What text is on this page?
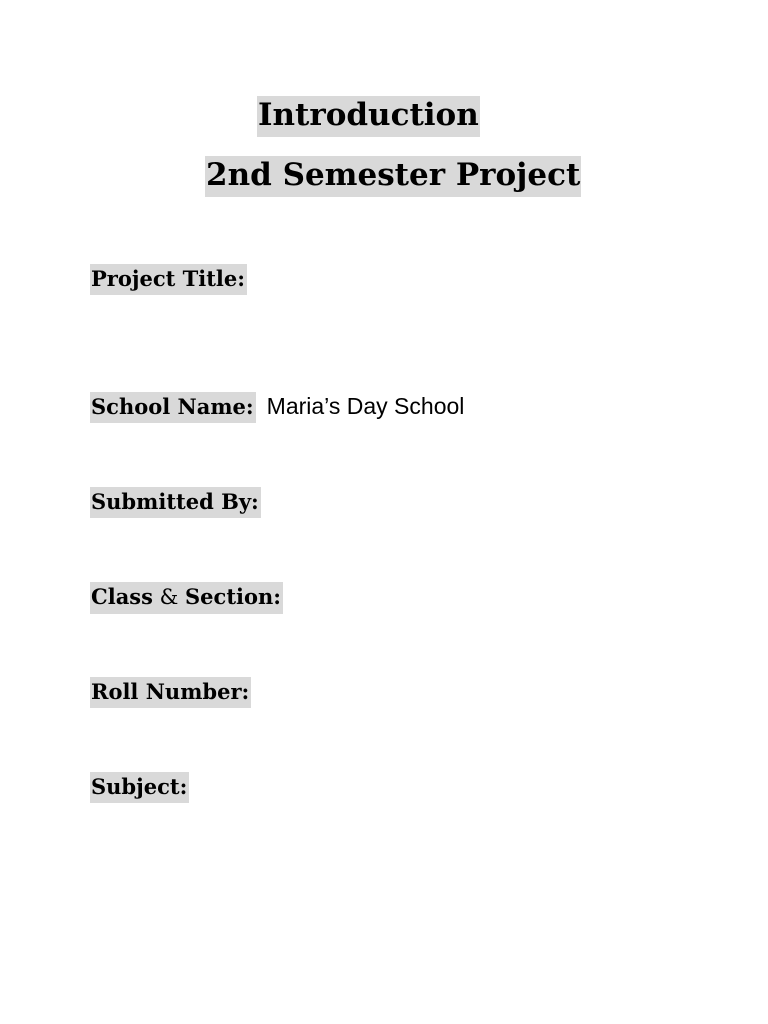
Introduction
2nd Semester Project
Project Title:
School Name: Maria’s Day School
Submitted By:
Class & Section:
Roll Number:
Subject:
